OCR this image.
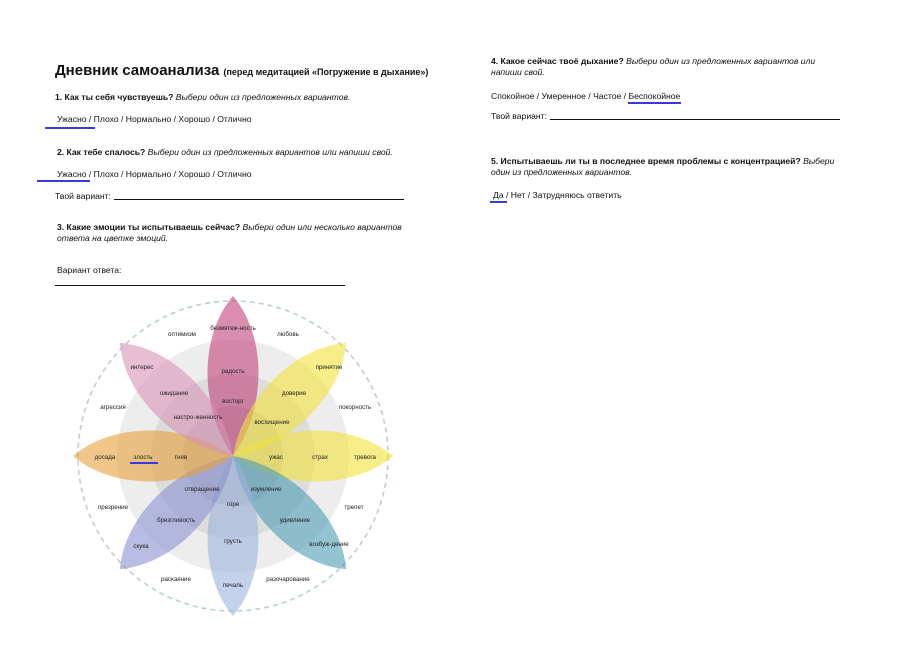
Дневник самоанализа (перед медитацией «Погружение в дыхание»)
1. Как ты себя чувствуешь? Выбери один из предложенных вариантов.
Ужасно / Плохо / Нормально / Хорошо / Отлично
2. Как тебе спалось? Выбери один из предложенных вариантов или напиши свой.
Ужасно / Плохо / Нормально / Хорошо / Отлично
Твой вариант:
3. Какие эмоции ты испытываешь сейчас? Выбери один или несколько вариантов
ответа на цветке эмоций.
Вариант ответа:
4. Какое сейчас твоё дыхание? Выбери один из предложенных вариантов или
напиши свой.
Спокойное / Умеренное / Частое / Беспокойное
Твой вариант:
5. Испытываешь ли ты в последнее время проблемы с концентрацией? Выбери
один из предложенных вариантов.
Да / Нет / Затрудняюсь ответить
безмятеж-ность
радость
восторг
принятие
доверие
восхищение
тревога
страх
ужас
возбуж-дение
удивление
изумление
печаль
грусть
горе
скука
брезгливость
отвращение
досада	злость	гнев
интерес
ожидание
настро-женность
любовь
покорность
трепет
разочарование
раскаяние
презрение
агрессия
оптимизм
